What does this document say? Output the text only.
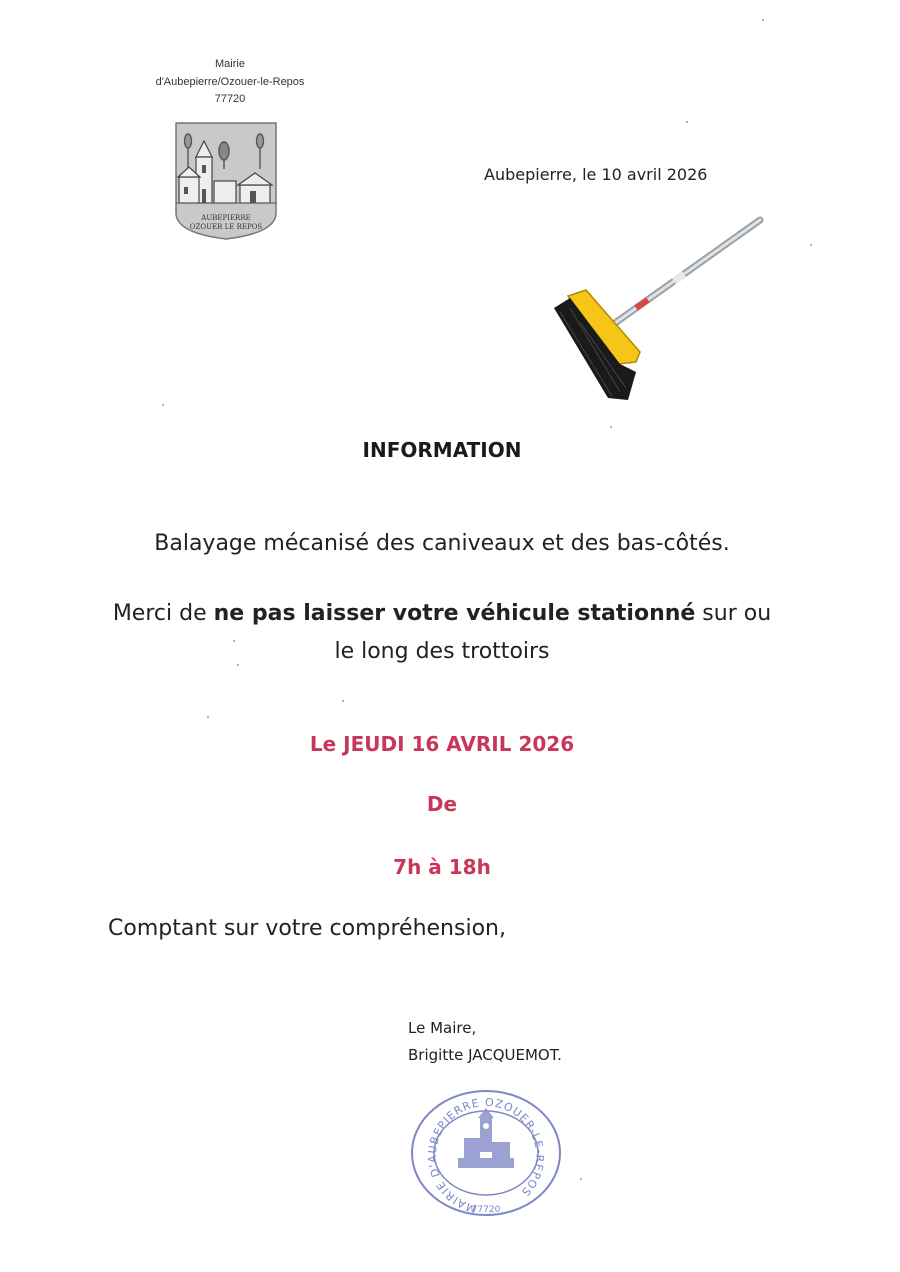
Mairie
d'Aubepierre/Ozouer-le-Repos
77720
AUBEPIERRE
OZOUER LE REPOS
Aubepierre, le 10 avril 2026
INFORMATION
Balayage mécanisé des caniveaux et des bas-côtés.
Merci de ne pas laisser votre véhicule stationné sur ou
le long des trottoirs
Le JEUDI 16 AVRIL 2026
De
7h à 18h
Comptant sur votre compréhension,
Le Maire,
Brigitte JACQUEMOT.
MAIRIE D'AUBEPIERRE OZOUER-LE-REPOS
77720
